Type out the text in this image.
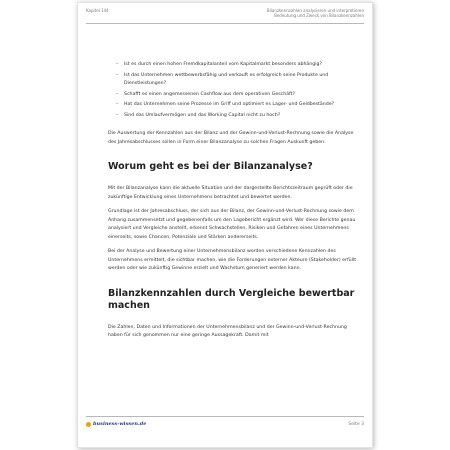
Kapitel 144	Bilanzkennzahlen analysieren und interpretieren
Bedeutung und Zweck von Bilanzkennzahlen
– Ist es durch einen hohen Fremdkapitalanteil vom Kapitalmarkt besonders abhängig?
– Ist das Unternehmen wettbewerbsfähig und verkauft es erfolgreich seine Produkte und Dienstleistungen?
– Schafft es einen angemessenen Cashflow aus dem operativen Geschäft?
– Hat das Unternehmen seine Prozesse im Griff und optimiert es Lager- und Geldbestände?
– Sind das Umlaufvermögen und das Working Capital nicht zu hoch?

Die Auswertung der Kennzahlen aus der Bilanz und der Gewinn-und-Verlust-Rechnung sowie die Analyse des Jahresabschlusses sollen in Form einer Bilanzanalyse zu solchen Fragen Auskunft geben.

Worum geht es bei der Bilanzanalyse?

Mit der Bilanzanalyse kann die aktuelle Situation und der dargestellte Berichtszeitraum geprüft oder die zukünftige Entwicklung eines Unternehmens betrachtet und bewertet werden.

Grundlage ist der Jahresabschluss, der sich aus der Bilanz, der Gewinn-und-Verlust-Rechnung sowie dem Anhang zusammensetzt und gegebenenfalls um den Lagebericht ergänzt wird. Wer diese Berichte genau analysiert und Vergleiche anstellt, erkennt Schwachstellen, Risiken und Gefahren eines Unternehmens einerseits, sowie Chancen, Potenziale und Stärken andererseits.

Bei der Analyse und Bewertung einer Unternehmensbilanz werden verschiedene Kennzahlen des Unternehmens ermittelt, die sichtbar machen, wie die Forderungen externer Akteure (Stakeholder) erfüllt werden oder wie zukünftig Gewinne erzielt und Wachstum generiert werden kann.

Bilanzkennzahlen durch Vergleiche bewertbar machen

Die Zahlen, Daten und Informationen der Unternehmensbilanz und der Gewinn-und-Verlust-Rechnung haben für sich genommen nur eine geringe Aussagekraft. Damit mit

business-wissen.de	Seite 3
